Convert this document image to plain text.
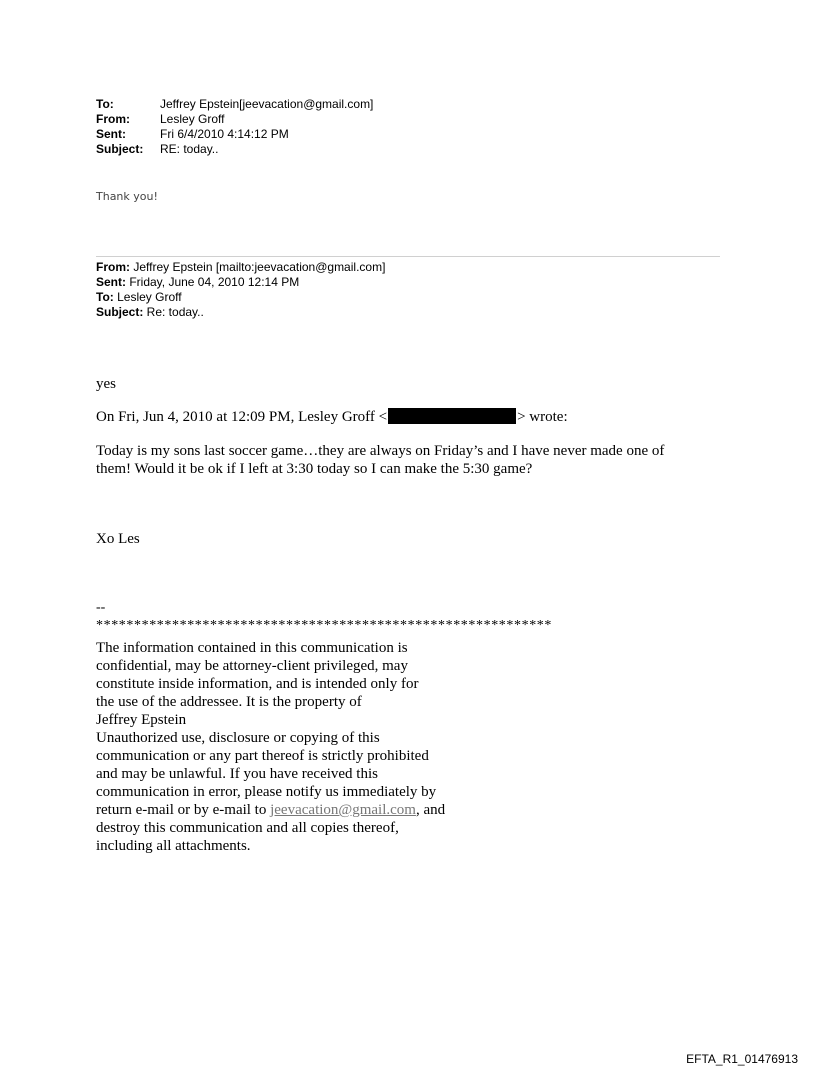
To:	Jeffrey Epstein[jeevacation@gmail.com]
From:	Lesley Groff
Sent:	Fri 6/4/2010 4:14:12 PM
Subject:	RE: today..
Thank you!
From: Jeffrey Epstein [mailto:jeevacation@gmail.com]
Sent: Friday, June 04, 2010 12:14 PM
To: Lesley Groff
Subject: Re: today..
yes
On Fri, Jun 4, 2010 at 12:09 PM, Lesley Groff <	> wrote:
Today is my sons last soccer game…they are always on Friday’s and I have never made one of
them! Would it be ok if I left at 3:30 today so I can make the 5:30 game?
Xo Les
--
************************************************************
The information contained in this communication is
confidential, may be attorney-client privileged, may
constitute inside information, and is intended only for
the use of the addressee. It is the property of
Jeffrey Epstein
Unauthorized use, disclosure or copying of this
communication or any part thereof is strictly prohibited
and may be unlawful. If you have received this
communication in error, please notify us immediately by
return e-mail or by e-mail to jeevacation@gmail.com, and
destroy this communication and all copies thereof,
including all attachments.
EFTA_R1_01476913
